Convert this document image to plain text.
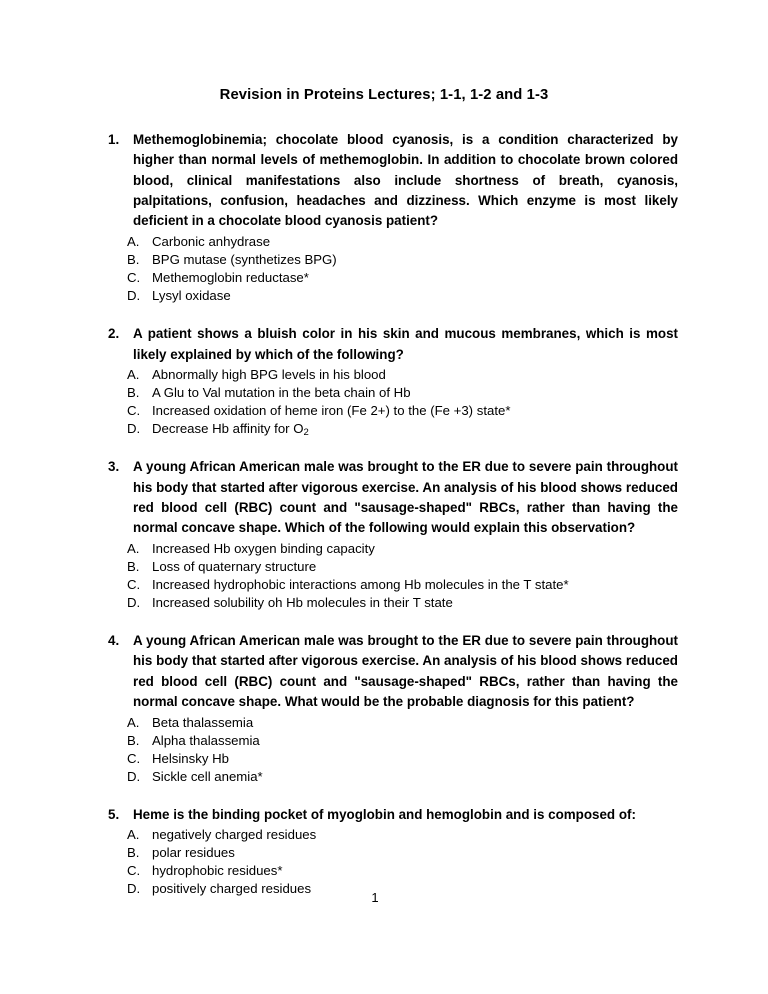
Revision in Proteins Lectures; 1-1, 1-2 and 1-3

1.	Methemoglobinemia; chocolate blood cyanosis, is a condition characterized by higher than normal levels of methemoglobin. In addition to chocolate brown colored blood, clinical manifestations also include shortness of breath, cyanosis, palpitations, confusion, headaches and dizziness. Which enzyme is most likely deficient in a chocolate blood cyanosis patient?

A. Carbonic anhydrase
B. BPG mutase (synthetizes BPG)
C. Methemoglobin reductase*
D. Lysyl oxidase

2.	A patient shows a bluish color in his skin and mucous membranes, which is most likely explained by which of the following?

A. Abnormally high BPG levels in his blood
B. A Glu to Val mutation in the beta chain of Hb
C. Increased oxidation of heme iron (Fe 2+) to the (Fe +3) state*
D. Decrease Hb affinity for $O_2$

3.	A young African American male was brought to the ER due to severe pain throughout his body that started after vigorous exercise. An analysis of his blood shows reduced red blood cell (RBC) count and "sausage-shaped" RBCs, rather than having the normal concave shape. Which of the following would explain this observation?

A. Increased Hb oxygen binding capacity
B. Loss of quaternary structure
C. Increased hydrophobic interactions among Hb molecules in the T state*
D. Increased solubility oh Hb molecules in their T state

4.	A young African American male was brought to the ER due to severe pain throughout his body that started after vigorous exercise. An analysis of his blood shows reduced red blood cell (RBC) count and "sausage-shaped" RBCs, rather than having the normal concave shape. What would be the probable diagnosis for this patient?

A. Beta thalassemia
B. Alpha thalassemia
C. Helsinsky Hb
D. Sickle cell anemia*

5.	Heme is the binding pocket of myoglobin and hemoglobin and is composed of:

A. negatively charged residues
B. polar residues
C. hydrophobic residues*
D. positively charged residues
1
